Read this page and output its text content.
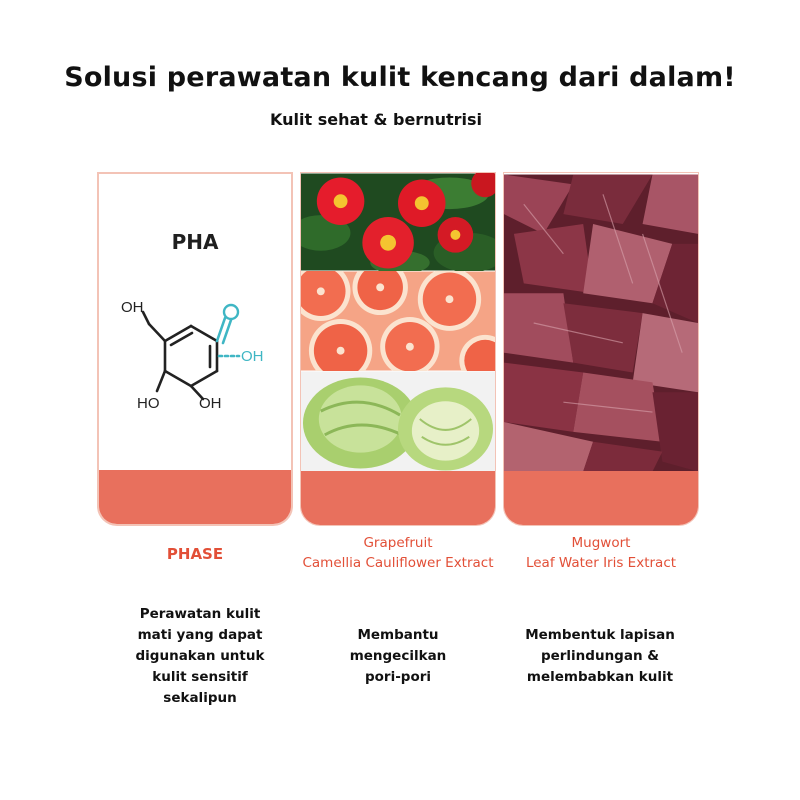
Solusi perawatan kulit kencang dari dalam!
Kulit sehat & bernutrisi
PHA
OH
OH
HO	OH
PHASE
Grapefruit
Camellia Cauliflower Extract
Mugwort
Leaf Water Iris Extract
Perawatan kulit
mati yang dapat
digunakan untuk
kulit sensitif
sekalipun
Membantu
mengecilkan
pori-pori
Membentuk lapisan
perlindungan &
melembabkan kulit
